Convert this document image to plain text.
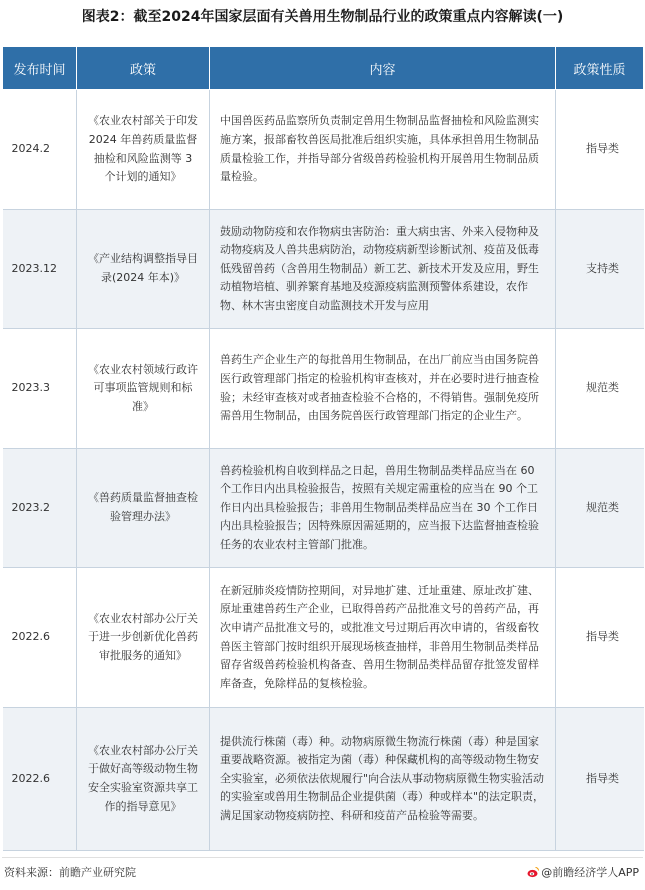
图表2：截至2024年国家层面有关兽用生物制品行业的政策重点内容解读(一)
发布时间	政策	内容	政策性质
2024.2	《农业农村部关于印发 2024 年兽药质量监督抽检和风险监测等 3 个计划的通知》	中国兽医药品监察所负责制定兽用生物制品监督抽检和风险监测实施方案，报部畜牧兽医局批准后组织实施，具体承担兽用生物制品质量检验工作，并指导部分省级兽药检验机构开展兽用生物制品质量检验。	指导类
2023.12	《产业结构调整指导目录(2024 年本)》	鼓励动物防疫和农作物病虫害防治：重大病虫害、外来入侵物种及动物疫病及人兽共患病防治，动物疫病新型诊断试剂、疫苗及低毒低残留兽药（含兽用生物制品）新工艺、新技术开发及应用，野生动植物培植、驯养繁育基地及疫源疫病监测预警体系建设，农作物、林木害虫密度自动监测技术开发与应用	支持类
2023.3	《农业农村领域行政许可事项监管规则和标准》	兽药生产企业生产的每批兽用生物制品，在出厂前应当由国务院兽医行政管理部门指定的检验机构审查核对，并在必要时进行抽查检验；未经审查核对或者抽查检验不合格的，不得销售。强制免疫所需兽用生物制品，由国务院兽医行政管理部门指定的企业生产。	规范类
2023.2	《兽药质量监督抽查检验管理办法》	兽药检验机构自收到样品之日起，兽用生物制品类样品应当在 60 个工作日内出具检验报告，按照有关规定需重检的应当在 90 个工作日内出具检验报告；非兽用生物制品类样品应当在 30 个工作日内出具检验报告；因特殊原因需延期的，应当报下达监督抽查检验任务的农业农村主管部门批准。	规范类
2022.6	《农业农村部办公厅关于进一步创新优化兽药审批服务的通知》	在新冠肺炎疫情防控期间，对异地扩建、迁址重建、原址改扩建、原址重建兽药生产企业，已取得兽药产品批准文号的兽药产品，再次申请产品批准文号的，或批准文号过期后再次申请的，省级畜牧兽医主管部门按时组织开展现场核查抽样，非兽用生物制品类样品留存省级兽药检验机构备查、兽用生物制品类样品留存批签发留样库备查，免除样品的复核检验。	指导类
2022.6	《农业农村部办公厅关于做好高等级动物生物安全实验室资源共享工作的指导意见》	提供流行株菌（毒）种。动物病原微生物流行株菌（毒）种是国家重要战略资源。被指定为菌（毒）种保藏机构的高等级动物生物安全实验室，必须依法依规履行"向合法从事动物病原微生物实验活动的实验室或兽用生物制品企业提供菌（毒）种或样本"的法定职责，满足国家动物疫病防控、科研和疫苗产品检验等需要。	指导类
资料来源：前瞻产业研究院	@前瞻经济学人APP
